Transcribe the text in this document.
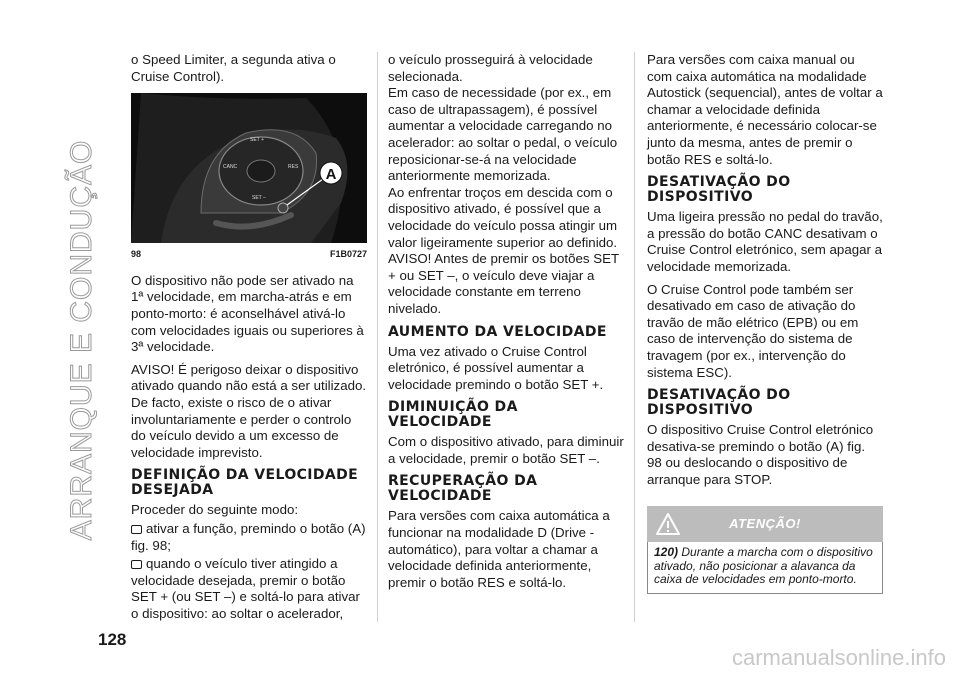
ARRANQUE E CONDUÇÃO

o Speed Limiter, a segunda ativa o Cruise Control).

SET +
CANC	RES
SET –
A
98	F1B0727

O dispositivo não pode ser ativado na 1ª velocidade, em marcha-atrás e em ponto-morto: é aconselhável ativá-lo com velocidades iguais ou superiores à 3ª velocidade.

AVISO! É perigoso deixar o dispositivo ativado quando não está a ser utilizado. De facto, existe o risco de o ativar involuntariamente e perder o controlo do veículo devido a um excesso de velocidade imprevisto.

DEFINIÇÃO DA VELOCIDADE DESEJADA

Proceder do seguinte modo:

ativar a função, premindo o botão (A) fig. 98;

quando o veículo tiver atingido a velocidade desejada, premir o botão SET + (ou SET –) e soltá-lo para ativar o dispositivo: ao soltar o acelerador,

o veículo prosseguirá à velocidade selecionada.

Em caso de necessidade (por ex., em caso de ultrapassagem), é possível aumentar a velocidade carregando no acelerador: ao soltar o pedal, o veículo reposicionar-se-á na velocidade anteriormente memorizada.

Ao enfrentar troços em descida com o dispositivo ativado, é possível que a velocidade do veículo possa atingir um valor ligeiramente superior ao definido.

AVISO! Antes de premir os botões SET + ou SET –, o veículo deve viajar a velocidade constante em terreno nivelado.

AUMENTO DA VELOCIDADE

Uma vez ativado o Cruise Control eletrónico, é possível aumentar a velocidade premindo o botão SET +.

DIMINUIÇÃO DA VELOCIDADE

Com o dispositivo ativado, para diminuir a velocidade, premir o botão SET –.

RECUPERAÇÃO DA VELOCIDADE

Para versões com caixa automática a funcionar na modalidade D (Drive - automático), para voltar a chamar a velocidade definida anteriormente, premir o botão RES e soltá-lo.

Para versões com caixa manual ou com caixa automática na modalidade Autostick (sequencial), antes de voltar a chamar a velocidade definida anteriormente, é necessário colocar-se junto da mesma, antes de premir o botão RES e soltá-lo.

DESATIVAÇÃO DO DISPOSITIVO

Uma ligeira pressão no pedal do travão, a pressão do botão CANC desativam o Cruise Control eletrónico, sem apagar a velocidade memorizada.

O Cruise Control pode também ser desativado em caso de ativação do travão de mão elétrico (EPB) ou em caso de intervenção do sistema de travagem (por ex., intervenção do sistema ESC).

DESATIVAÇÃO DO DISPOSITIVO

O dispositivo Cruise Control eletrónico desativa-se premindo o botão (A) fig. 98 ou deslocando o dispositivo de arranque para STOP.

ATENÇÃO!
120) Durante a marcha com o dispositivo ativado, não posicionar a alavanca da caixa de velocidades em ponto-morto.
128
carmanualsonline.info
